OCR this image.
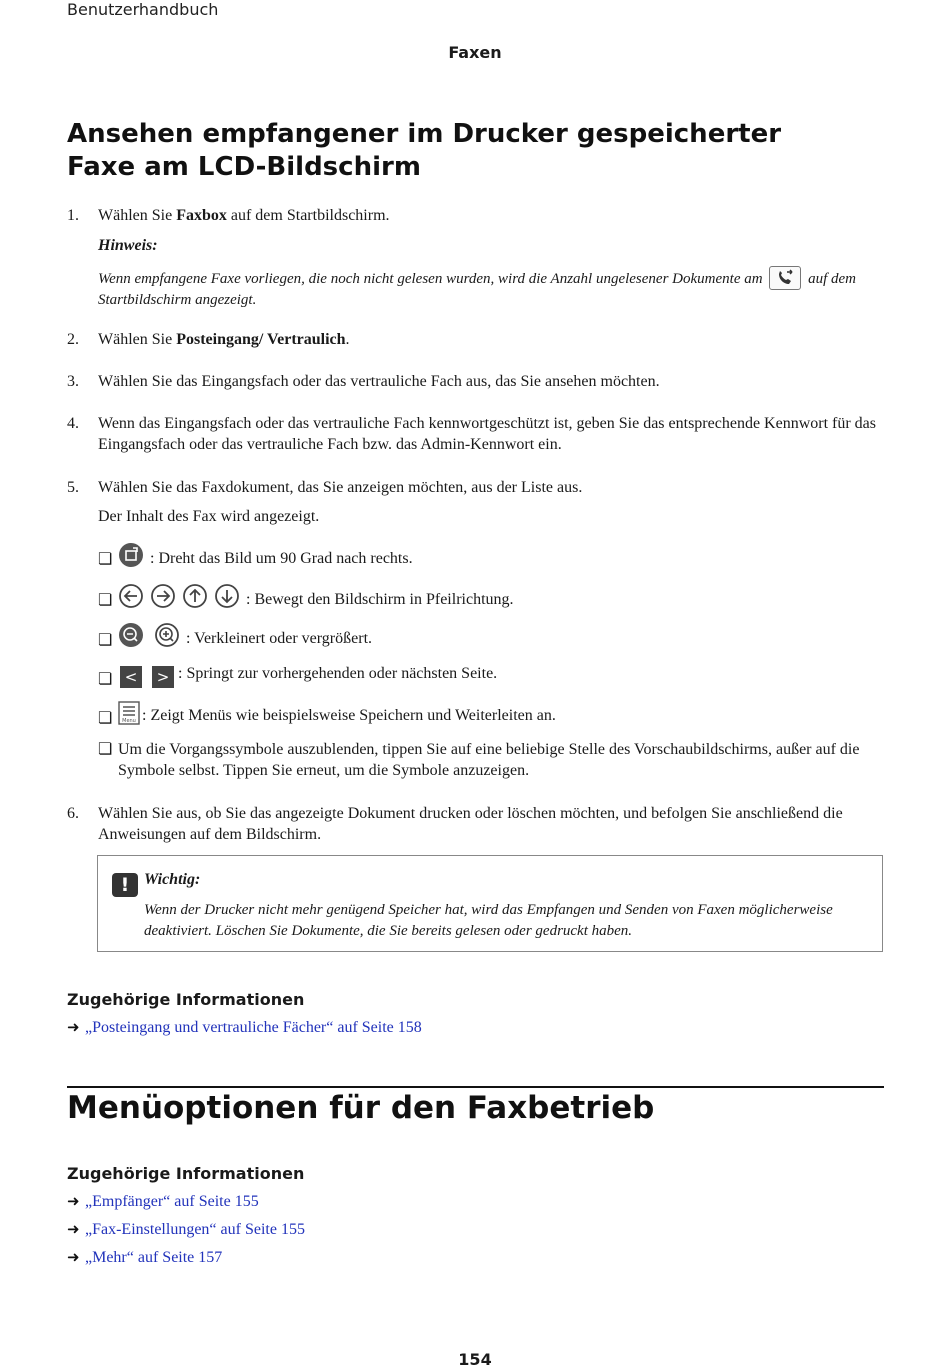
Benutzerhandbuch
Faxen
Ansehen empfangener im Drucker gespeicherter Faxe am LCD-Bildschirm
1.	Wählen Sie Faxbox auf dem Startbildschirm.
Hinweis:
Wenn empfangene Faxe vorliegen, die noch nicht gelesen wurden, wird die Anzahl ungelesener Dokumente am	auf dem Startbildschirm angezeigt.
2.	Wählen Sie Posteingang/ Vertraulich.
3.	Wählen Sie das Eingangsfach oder das vertrauliche Fach aus, das Sie ansehen möchten.
4.	Wenn das Eingangsfach oder das vertrauliche Fach kennwortgeschützt ist, geben Sie das entsprechende Kennwort für das Eingangsfach oder das vertrauliche Fach bzw. das Admin-Kennwort ein.
5.	Wählen Sie das Faxdokument, das Sie anzeigen möchten, aus der Liste aus.
Der Inhalt des Fax wird angezeigt.
❏	: Dreht das Bild um 90 Grad nach rechts.
❏	: Bewegt den Bildschirm in Pfeilrichtung.
❏	: Verkleinert oder vergrößert.
❏ < > : Springt zur vorhergehenden oder nächsten Seite.
❏ Menu : Zeigt Menüs wie beispielsweise Speichern und Weiterleiten an.
❏ Um die Vorgangssymbole auszublenden, tippen Sie auf eine beliebige Stelle des Vorschaubildschirms, außer auf die Symbole selbst. Tippen Sie erneut, um die Symbole anzuzeigen.
6.	Wählen Sie aus, ob Sie das angezeigte Dokument drucken oder löschen möchten, und befolgen Sie anschließend die Anweisungen auf dem Bildschirm.
! Wichtig:
Wenn der Drucker nicht mehr genügend Speicher hat, wird das Empfangen und Senden von Faxen möglicherweise deaktiviert. Löschen Sie Dokumente, die Sie bereits gelesen oder gedruckt haben.
Zugehörige Informationen
➜ „Posteingang und vertrauliche Fächer“ auf Seite 158
Menüoptionen für den Faxbetrieb
Zugehörige Informationen
➜ „Empfänger“ auf Seite 155
➜ „Fax-Einstellungen“ auf Seite 155
➜ „Mehr“ auf Seite 157
154
